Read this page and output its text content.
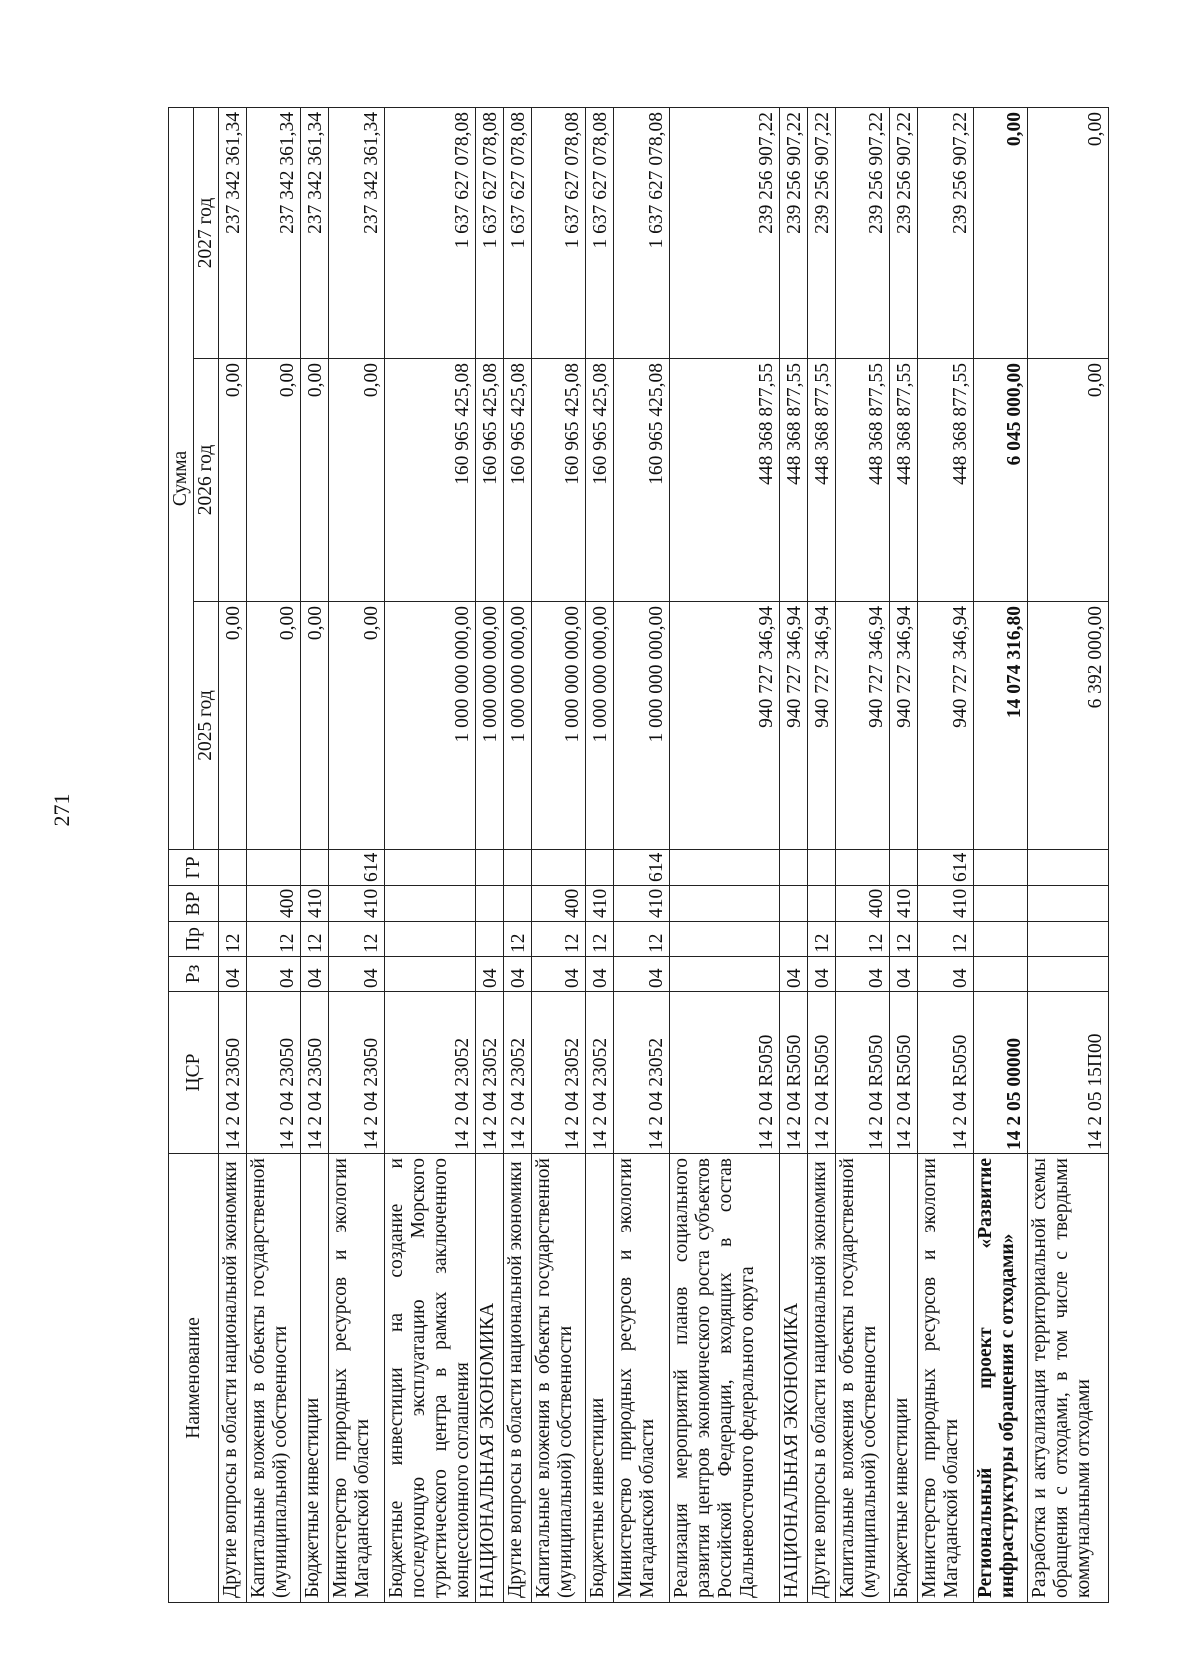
271
Наименование	ЦСР	Рз	Пр	ВР	ГР	Сумма		
						2025 год	2026 год	2027 год
Другие вопросы в области национальной экономики	14 2 04 23050	04	12			0,00	0,00	237 342 361,34
Капитальные вложения в объекты государственной (муниципальной) собственности	14 2 04 23050	04	12	400		0,00	0,00	237 342 361,34
Бюджетные инвестиции	14 2 04 23050	04	12	410		0,00	0,00	237 342 361,34
Министерство природных ресурсов и экологии Магаданской области	14 2 04 23050	04	12	410	614	0,00	0,00	237 342 361,34
Бюджетные инвестиции на создание и последующую эксплуатацию Морского туристического центра в рамках заключенного концессионного соглашения	14 2 04 23052					1 000 000 000,00	160 965 425,08	1 637 627 078,08
НАЦИОНАЛЬНАЯ ЭКОНОМИКА	14 2 04 23052	04				1 000 000 000,00	160 965 425,08	1 637 627 078,08
Другие вопросы в области национальной экономики	14 2 04 23052	04	12			1 000 000 000,00	160 965 425,08	1 637 627 078,08
Капитальные вложения в объекты государственной (муниципальной) собственности	14 2 04 23052	04	12	400		1 000 000 000,00	160 965 425,08	1 637 627 078,08
Бюджетные инвестиции	14 2 04 23052	04	12	410		1 000 000 000,00	160 965 425,08	1 637 627 078,08
Министерство природных ресурсов и экологии Магаданской области	14 2 04 23052	04	12	410	614	1 000 000 000,00	160 965 425,08	1 637 627 078,08
Реализация мероприятий планов социального развития центров экономического роста субъектов Российской Федерации, входящих в состав Дальневосточного федерального округа	14 2 04 R5050					940 727 346,94	448 368 877,55	239 256 907,22
НАЦИОНАЛЬНАЯ ЭКОНОМИКА	14 2 04 R5050	04				940 727 346,94	448 368 877,55	239 256 907,22
Другие вопросы в области национальной экономики	14 2 04 R5050	04	12			940 727 346,94	448 368 877,55	239 256 907,22
Капитальные вложения в объекты государственной (муниципальной) собственности	14 2 04 R5050	04	12	400		940 727 346,94	448 368 877,55	239 256 907,22
Бюджетные инвестиции	14 2 04 R5050	04	12	410		940 727 346,94	448 368 877,55	239 256 907,22
Министерство природных ресурсов и экологии Магаданской области	14 2 04 R5050	04	12	410	614	940 727 346,94	448 368 877,55	239 256 907,22
Региональный проект «Развитие инфраструктуры обращения с отходами»	14 2 05 00000					14 074 316,80	6 045 000,00	0,00
Разработка и актуализация территориальной схемы обращения с отходами, в том числе с твердыми коммунальными отходами	14 2 05 15П00					6 392 000,00	0,00	0,00
